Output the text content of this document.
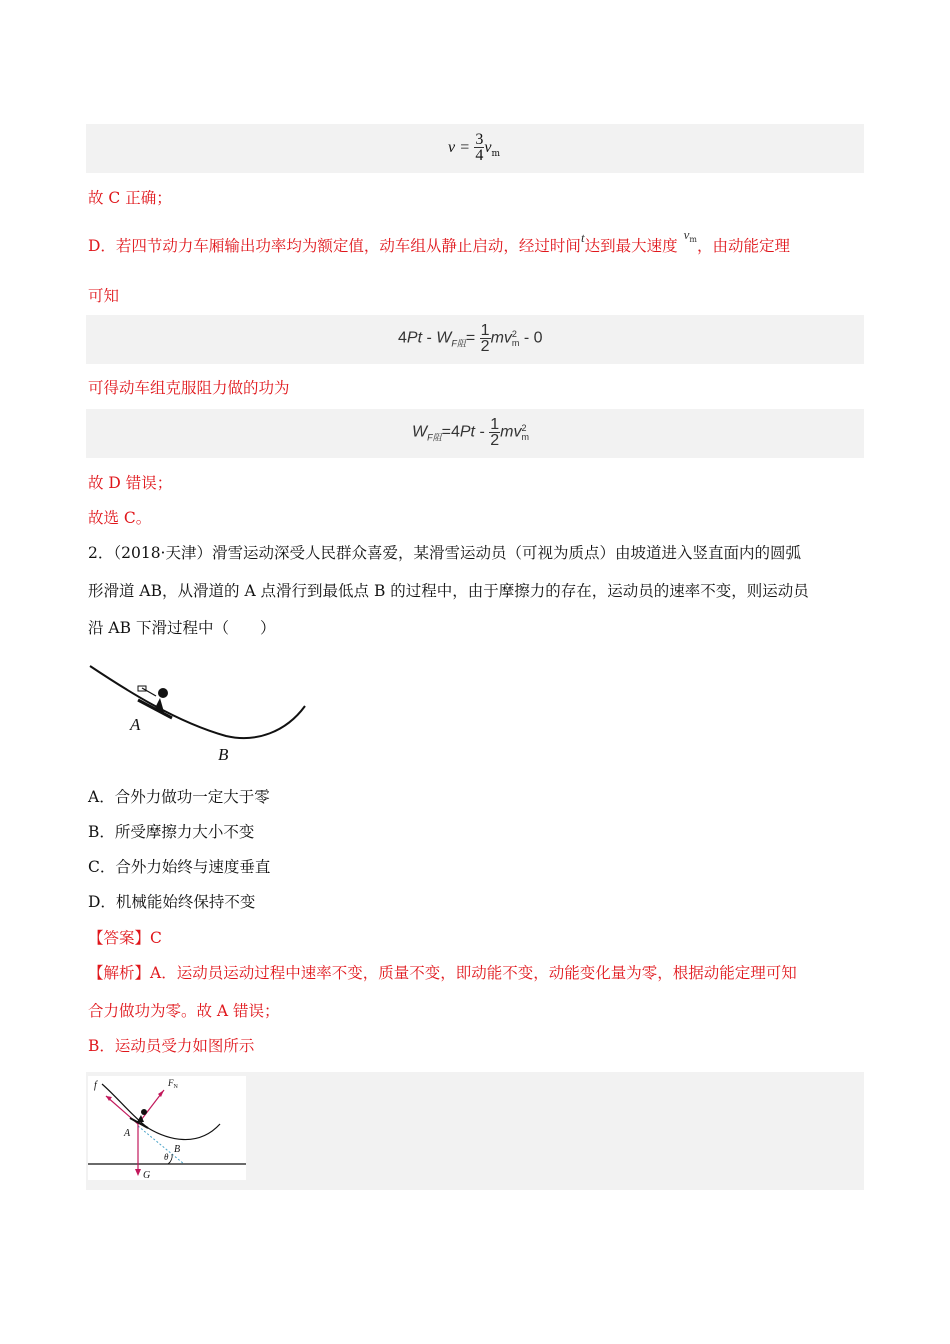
$v = \frac{3}{4} v_m$
故 C 正确；
D．若四节动力车厢输出功率均为额定值，动车组从静止启动，经过时间$^t$达到最大速度$^{vm}$，由动能定理
可知
$4Pt - W_{F阻}= \frac{1}{2}$ mv 2
m - 0
可得动车组克服阻力做的功为
$W_{F阻}=4Pt - \frac{1}{2}$ mv 2
m
故 D 错误；
故选 C。
2．（2018·天津）滑雪运动深受人民群众喜爱，某滑雪运动员（可视为质点）由坡道进入竖直面内的圆弧
形滑道 AB，从滑道的 A 点滑行到最低点 B 的过程中，由于摩擦力的存在，运动员的速率不变，则运动员
沿 AB 下滑过程中（　　）
A
B
A．合外力做功一定大于零
B．所受摩擦力大小不变
C．合外力始终与速度垂直
D．机械能始终保持不变
【答案】C
【解析】A．运动员运动过程中速率不变，质量不变，即动能不变，动能变化量为零，根据动能定理可知
合力做功为零。故 A 错误；
B．运动员受力如图所示
f	$F_N$
A
B
θ
G
